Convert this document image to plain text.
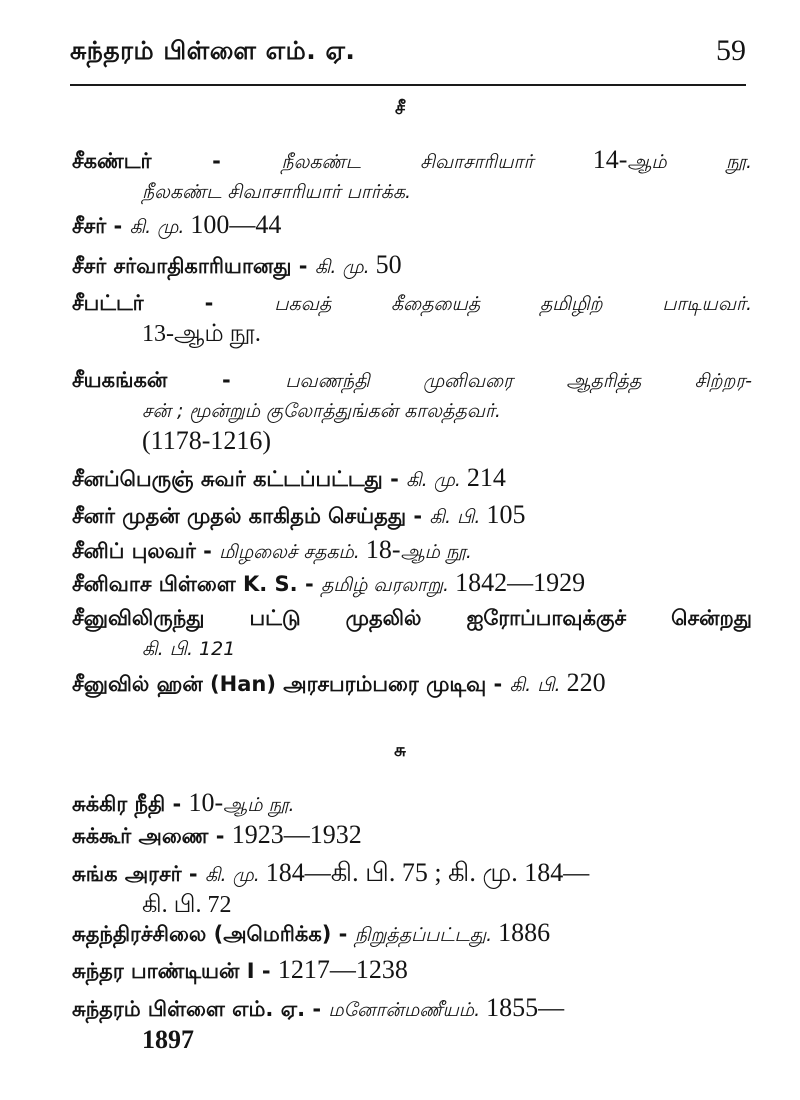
சுந்தரம் பிள்ளை எம். ஏ.	59
சீ
சீகண்டர் - நீலகண்ட சிவாசாரியார் 14-ஆம் நூ.
நீலகண்ட சிவாசாரியார் பார்க்க.
சீசர் - கி. மு. 100—44
சீசர் சர்வாதிகாரியானது - கி. மு. 50
சீபட்டர் - பகவத் கீதையைத் தமிழிற் பாடியவர்.
13-ஆம் நூ.
சீயகங்கன் - பவணந்தி முனிவரை ஆதரித்த சிற்றர-
சன் ; மூன்றும் குலோத்துங்கன் காலத்தவர்.
(1178-1216)
சீனப்பெருஞ் சுவர் கட்டப்பட்டது - கி. மு. 214
சீனர் முதன் முதல் காகிதம் செய்தது - கி. பி. 105
சீனிப் புலவர் - மிழலைச் சதகம். 18-ஆம் நூ.
சீனிவாச பிள்ளை K. S. - தமிழ் வரலாறு. 1842—1929
சீனுவிலிருந்து பட்டு முதலில் ஐரோப்பாவுக்குச் சென்றது
கி. பி. 121
சீனுவில் ஹன் (Han) அரசபரம்பரை முடிவு - கி. பி. 220
சு
சுக்கிர நீதி - 10-ஆம் நூ.
சுக்கூர் அணை - 1923—1932
சுங்க அரசர் - கி. மு. 184—கி. பி. 75 ; கி. மு. 184—
கி. பி. 72
சுதந்திரச்சிலை (அமெரிக்க) - நிறுத்தப்பட்டது. 1886
சுந்தர பாண்டியன் I - 1217—1238
சுந்தரம் பிள்ளை எம். ஏ. - மனோன்மணீயம். 1855—
1897
